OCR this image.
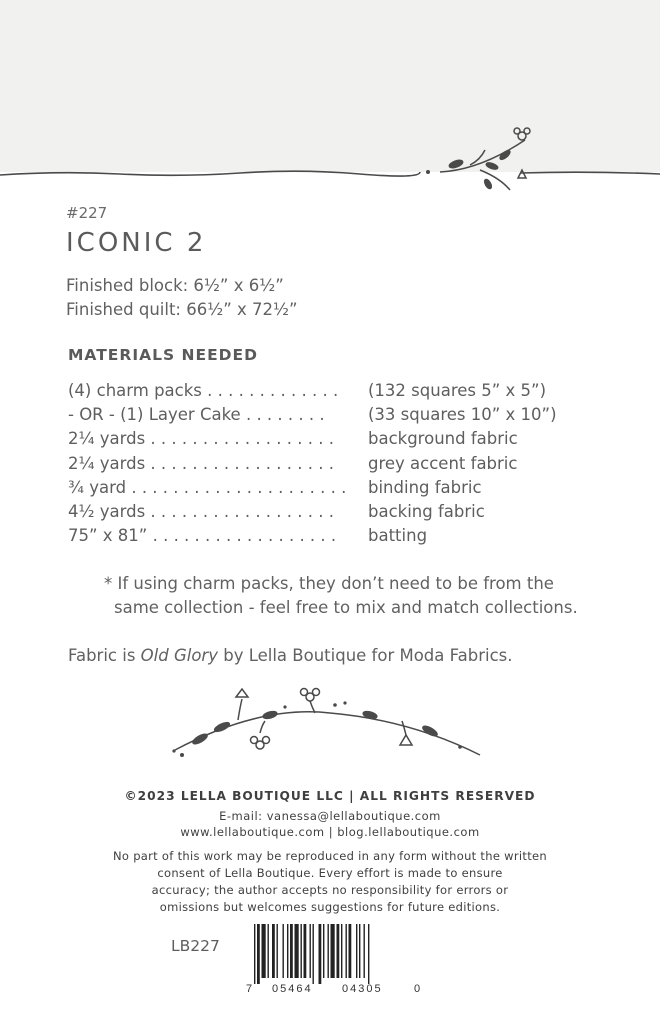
#227
ICONIC 2
Finished block: 6½” x 6½”
Finished quilt: 66½” x 72½”
MATERIALS NEEDED
(4) charm packs . . . . . . . . . . . . .	(132 squares 5” x 5”)
- OR - (1) Layer Cake . . . . . . . .	(33 squares 10” x 10”)
2¼ yards . . . . . . . . . . . . . . . . . .	background fabric
2¼ yards . . . . . . . . . . . . . . . . . .	grey accent fabric
¾ yard . . . . . . . . . . . . . . . . . . . . .	binding fabric
4½ yards . . . . . . . . . . . . . . . . . .	backing fabric
75” x 81” . . . . . . . . . . . . . . . . . .	batting
* If using charm packs, they don’t need to be from the
same collection - feel free to mix and match collections.
Fabric is Old Glory by Lella Boutique for Moda Fabrics.
©2023 LELLA BOUTIQUE LLC | ALL RIGHTS RESERVED
E-mail: vanessa@lellaboutique.com
www.lellaboutique.com | blog.lellaboutique.com
No part of this work may be reproduced in any form without the written
consent of Lella Boutique. Every effort is made to ensure
accuracy; the author accepts no responsibility for errors or
omissions but welcomes suggestions for future editions.
LB227
7 05464	04305	0
